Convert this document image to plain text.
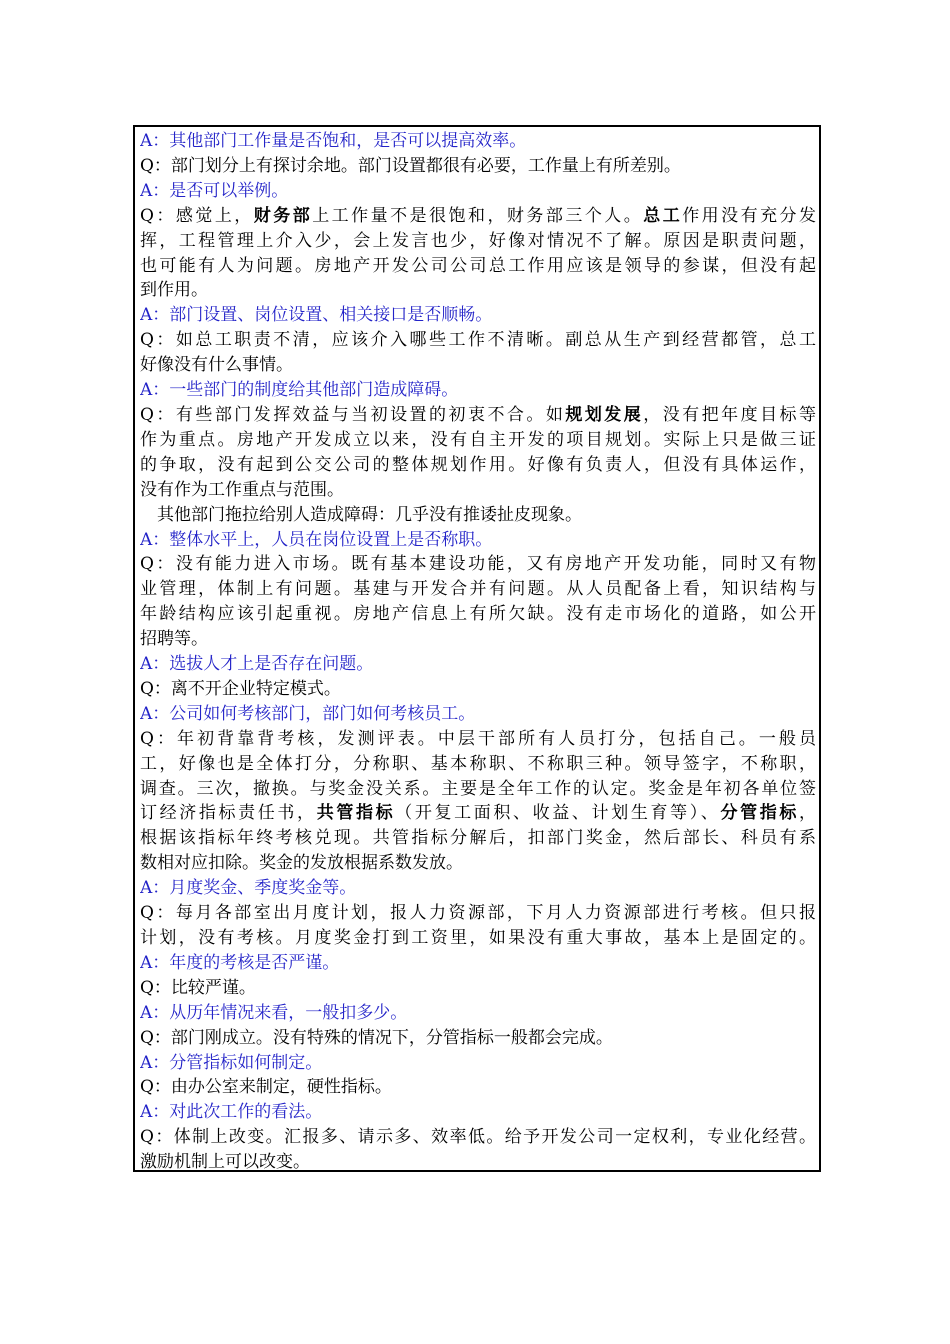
A：其他部门工作量是否饱和，是否可以提高效率。
Q：部门划分上有探讨余地。部门设置都很有必要，工作量上有所差别。
A：是否可以举例。
Q：感觉上，财务部上工作量不是很饱和，财务部三个人。总工作用没有充分发
挥，工程管理上介入少，会上发言也少，好像对情况不了解。原因是职责问题，
也可能有人为问题。房地产开发公司公司总工作用应该是领导的参谋，但没有起
到作用。
A：部门设置、岗位设置、相关接口是否顺畅。
Q：如总工职责不清，应该介入哪些工作不清晰。副总从生产到经营都管，总工
好像没有什么事情。
A：一些部门的制度给其他部门造成障碍。
Q：有些部门发挥效益与当初设置的初衷不合。如规划发展，没有把年度目标等
作为重点。房地产开发成立以来，没有自主开发的项目规划。实际上只是做三证
的争取，没有起到公交公司的整体规划作用。好像有负责人，但没有具体运作，
没有作为工作重点与范围。
其他部门拖拉给别人造成障碍：几乎没有推诿扯皮现象。
A：整体水平上，人员在岗位设置上是否称职。
Q：没有能力进入市场。既有基本建设功能，又有房地产开发功能，同时又有物
业管理，体制上有问题。基建与开发合并有问题。从人员配备上看，知识结构与
年龄结构应该引起重视。房地产信息上有所欠缺。没有走市场化的道路，如公开
招聘等。
A：选拔人才上是否存在问题。
Q：离不开企业特定模式。
A：公司如何考核部门，部门如何考核员工。
Q：年初背靠背考核，发测评表。中层干部所有人员打分，包括自己。一般员
工，好像也是全体打分，分称职、基本称职、不称职三种。领导签字，不称职，
调查。三次，撤换。与奖金没关系。主要是全年工作的认定。奖金是年初各单位签
订经济指标责任书，共管指标（开复工面积、收益、计划生育等）、分管指标，
根据该指标年终考核兑现。共管指标分解后，扣部门奖金，然后部长、科员有系
数相对应扣除。奖金的发放根据系数发放。
A：月度奖金、季度奖金等。
Q：每月各部室出月度计划，报人力资源部，下月人力资源部进行考核。但只报
计划，没有考核。月度奖金打到工资里，如果没有重大事故，基本上是固定的。
A：年度的考核是否严谨。
Q：比较严谨。
A：从历年情况来看，一般扣多少。
Q：部门刚成立。没有特殊的情况下，分管指标一般都会完成。
A：分管指标如何制定。
Q：由办公室来制定，硬性指标。
A：对此次工作的看法。
Q：体制上改变。汇报多、请示多、效率低。给予开发公司一定权利，专业化经营。
激励机制上可以改变。
